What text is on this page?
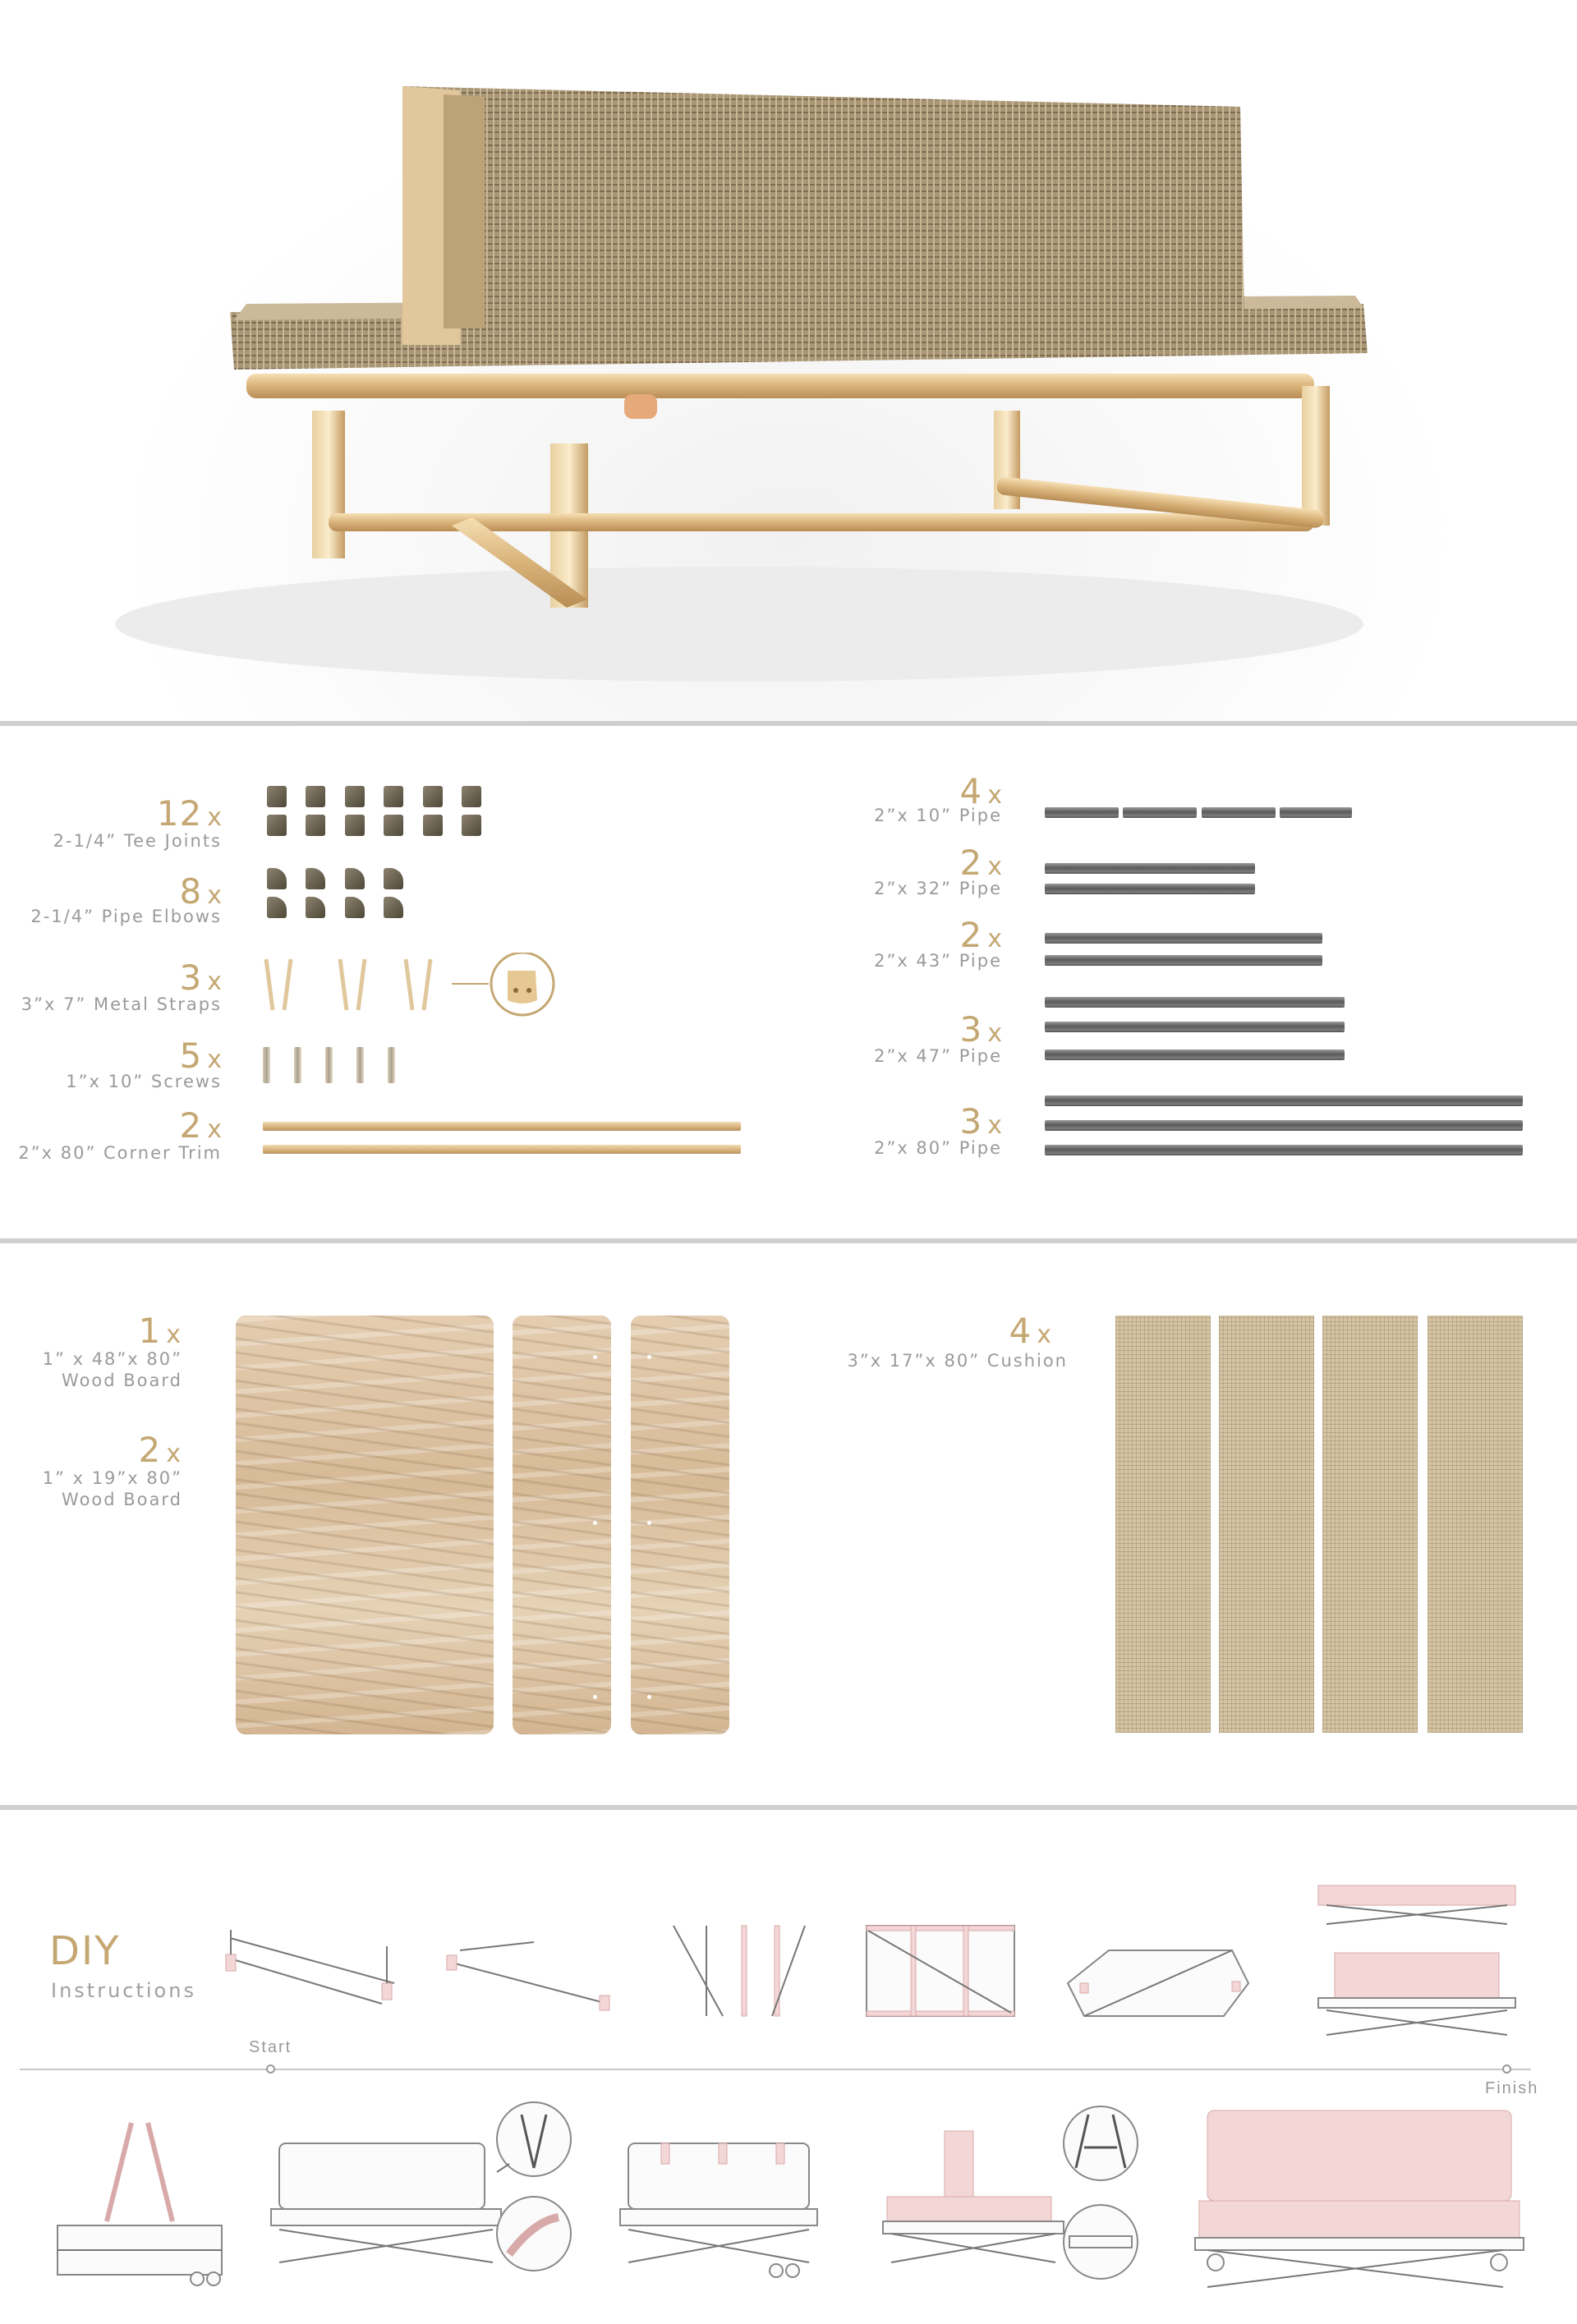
12 x
2-1/4” Tee Joints
8 x
2-1/4” Pipe Elbows
3 x
3”x 7” Metal Straps
5 x
1”x 10” Screws
2 x
2”x 80” Corner Trim
4 x
2”x 10” Pipe
2 x
2”x 32” Pipe
2 x
2”x 43” Pipe
3 x
2”x 47” Pipe
3 x
2”x 80” Pipe
1 x
1” x 48”x 80”
Wood Board
2 x
1” x 19”x 80”
Wood Board
4 x
3”x 17”x 80” Cushion
DIY
Instructions
Start
Finish
